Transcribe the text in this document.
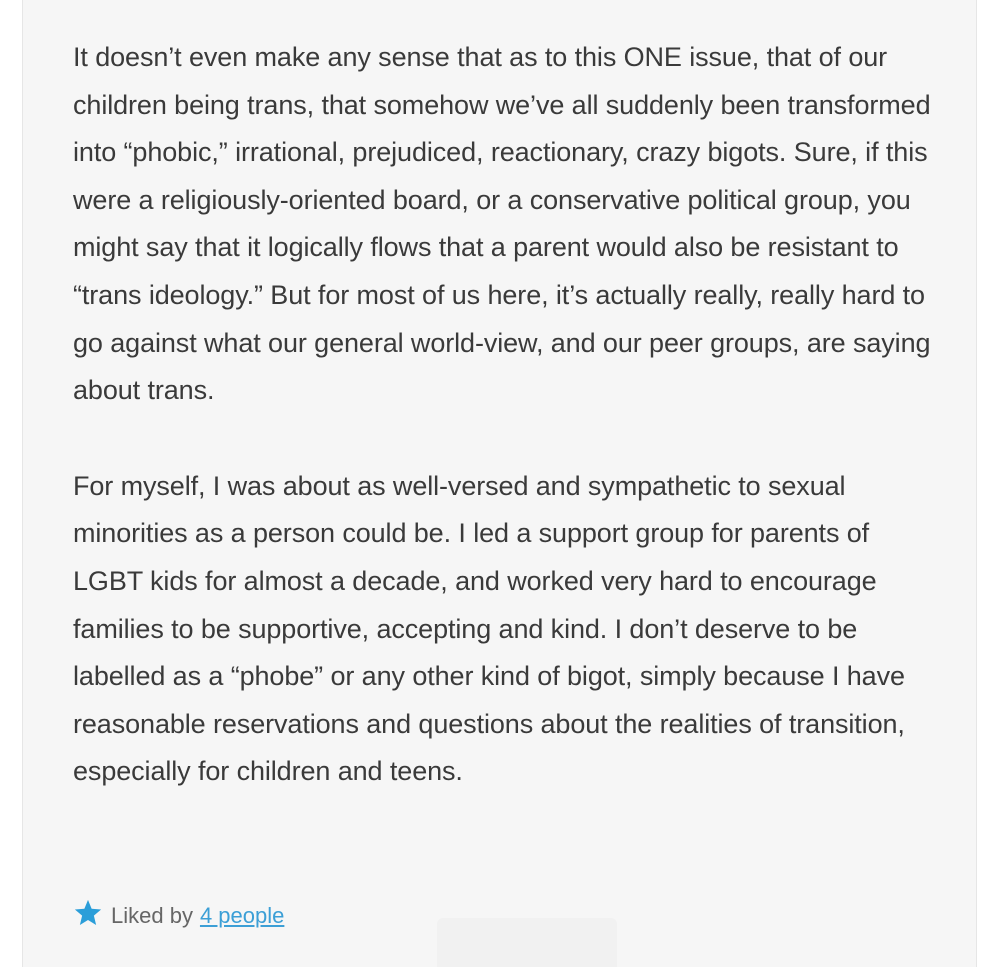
It doesn’t even make any sense that as to this ONE issue, that of our children being trans, that somehow we’ve all suddenly been transformed into “phobic,” irrational, prejudiced, reactionary, crazy bigots. Sure, if this were a religiously-oriented board, or a conservative political group, you might say that it logically flows that a parent would also be resistant to “trans ideology.” But for most of us here, it’s actually really, really hard to go against what our general world-view, and our peer groups, are saying about trans.

For myself, I was about as well-versed and sympathetic to sexual minorities as a person could be. I led a support group for parents of LGBT kids for almost a decade, and worked very hard to encourage families to be supportive, accepting and kind. I don’t deserve to be labelled as a “phobe” or any other kind of bigot, simply because I have reasonable reservations and questions about the realities of transition, especially for children and teens.

Liked by 4 people
